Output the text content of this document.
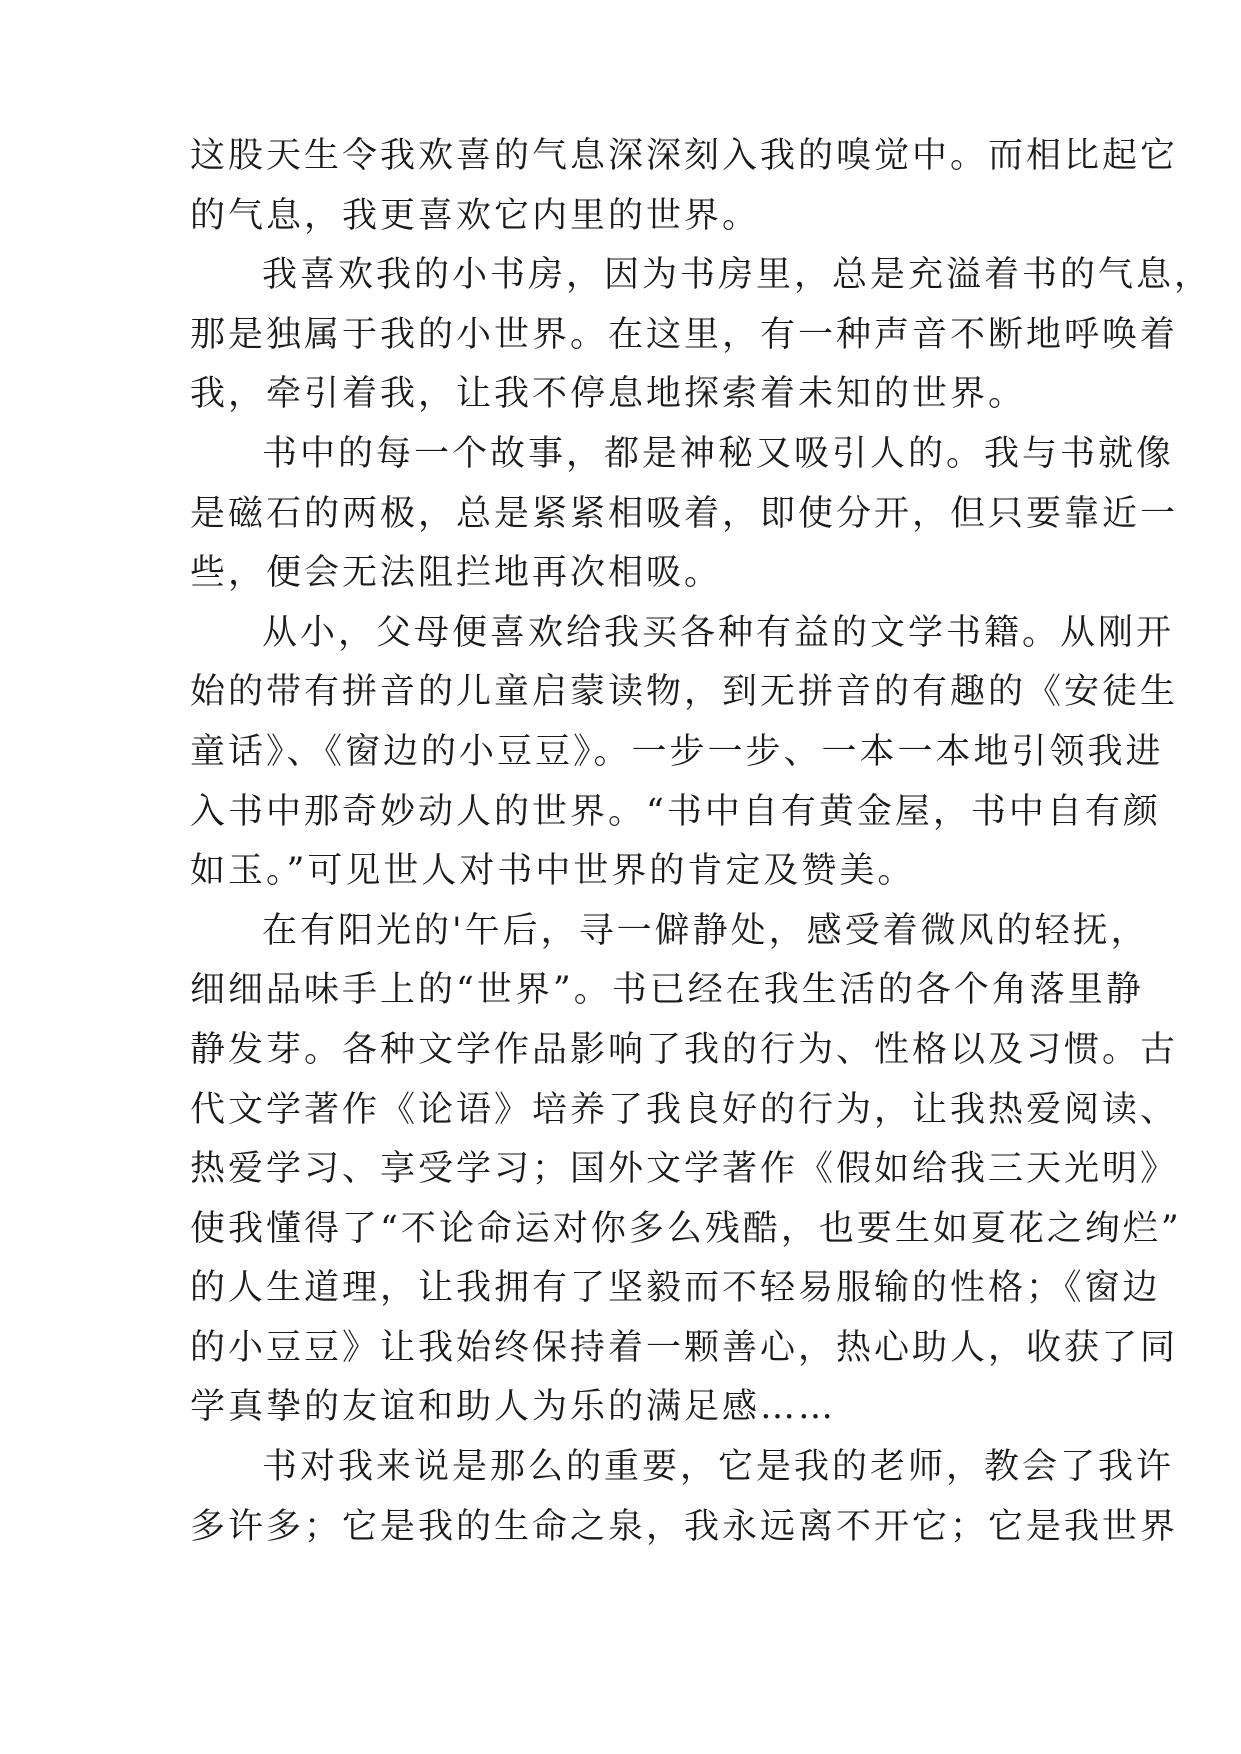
这股天生令我欢喜的气息深深刻入我的嗅觉中。而相比起它
的气息，我更喜欢它内里的世界。
我喜欢我的小书房，因为书房里，总是充溢着书的气息，
那是独属于我的小世界。在这里，有一种声音不断地呼唤着
我，牵引着我，让我不停息地探索着未知的世界。
书中的每一个故事，都是神秘又吸引人的。我与书就像
是磁石的两极，总是紧紧相吸着，即使分开，但只要靠近一
些，便会无法阻拦地再次相吸。
从小，父母便喜欢给我买各种有益的文学书籍。从刚开
始的带有拼音的儿童启蒙读物，到无拼音的有趣的《安徒生
童话》、《窗边的小豆豆》。一步一步、一本一本地引领我进
入书中那奇妙动人的世界。“书中自有黄金屋，书中自有颜
如玉。”可见世人对书中世界的肯定及赞美。
在有阳光的'午后，寻一僻静处，感受着微风的轻抚，
细细品味手上的“世界”。书已经在我生活的各个角落里静
静发芽。各种文学作品影响了我的行为、性格以及习惯。古
代文学著作《论语》培养了我良好的行为，让我热爱阅读、
热爱学习、享受学习；国外文学著作《假如给我三天光明》
使我懂得了“不论命运对你多么残酷，也要生如夏花之绚烂”
的人生道理，让我拥有了坚毅而不轻易服输的性格；《窗边
的小豆豆》让我始终保持着一颗善心，热心助人，收获了同
学真挚的友谊和助人为乐的满足感……
书对我来说是那么的重要，它是我的老师，教会了我许
多许多；它是我的生命之泉，我永远离不开它；它是我世界
